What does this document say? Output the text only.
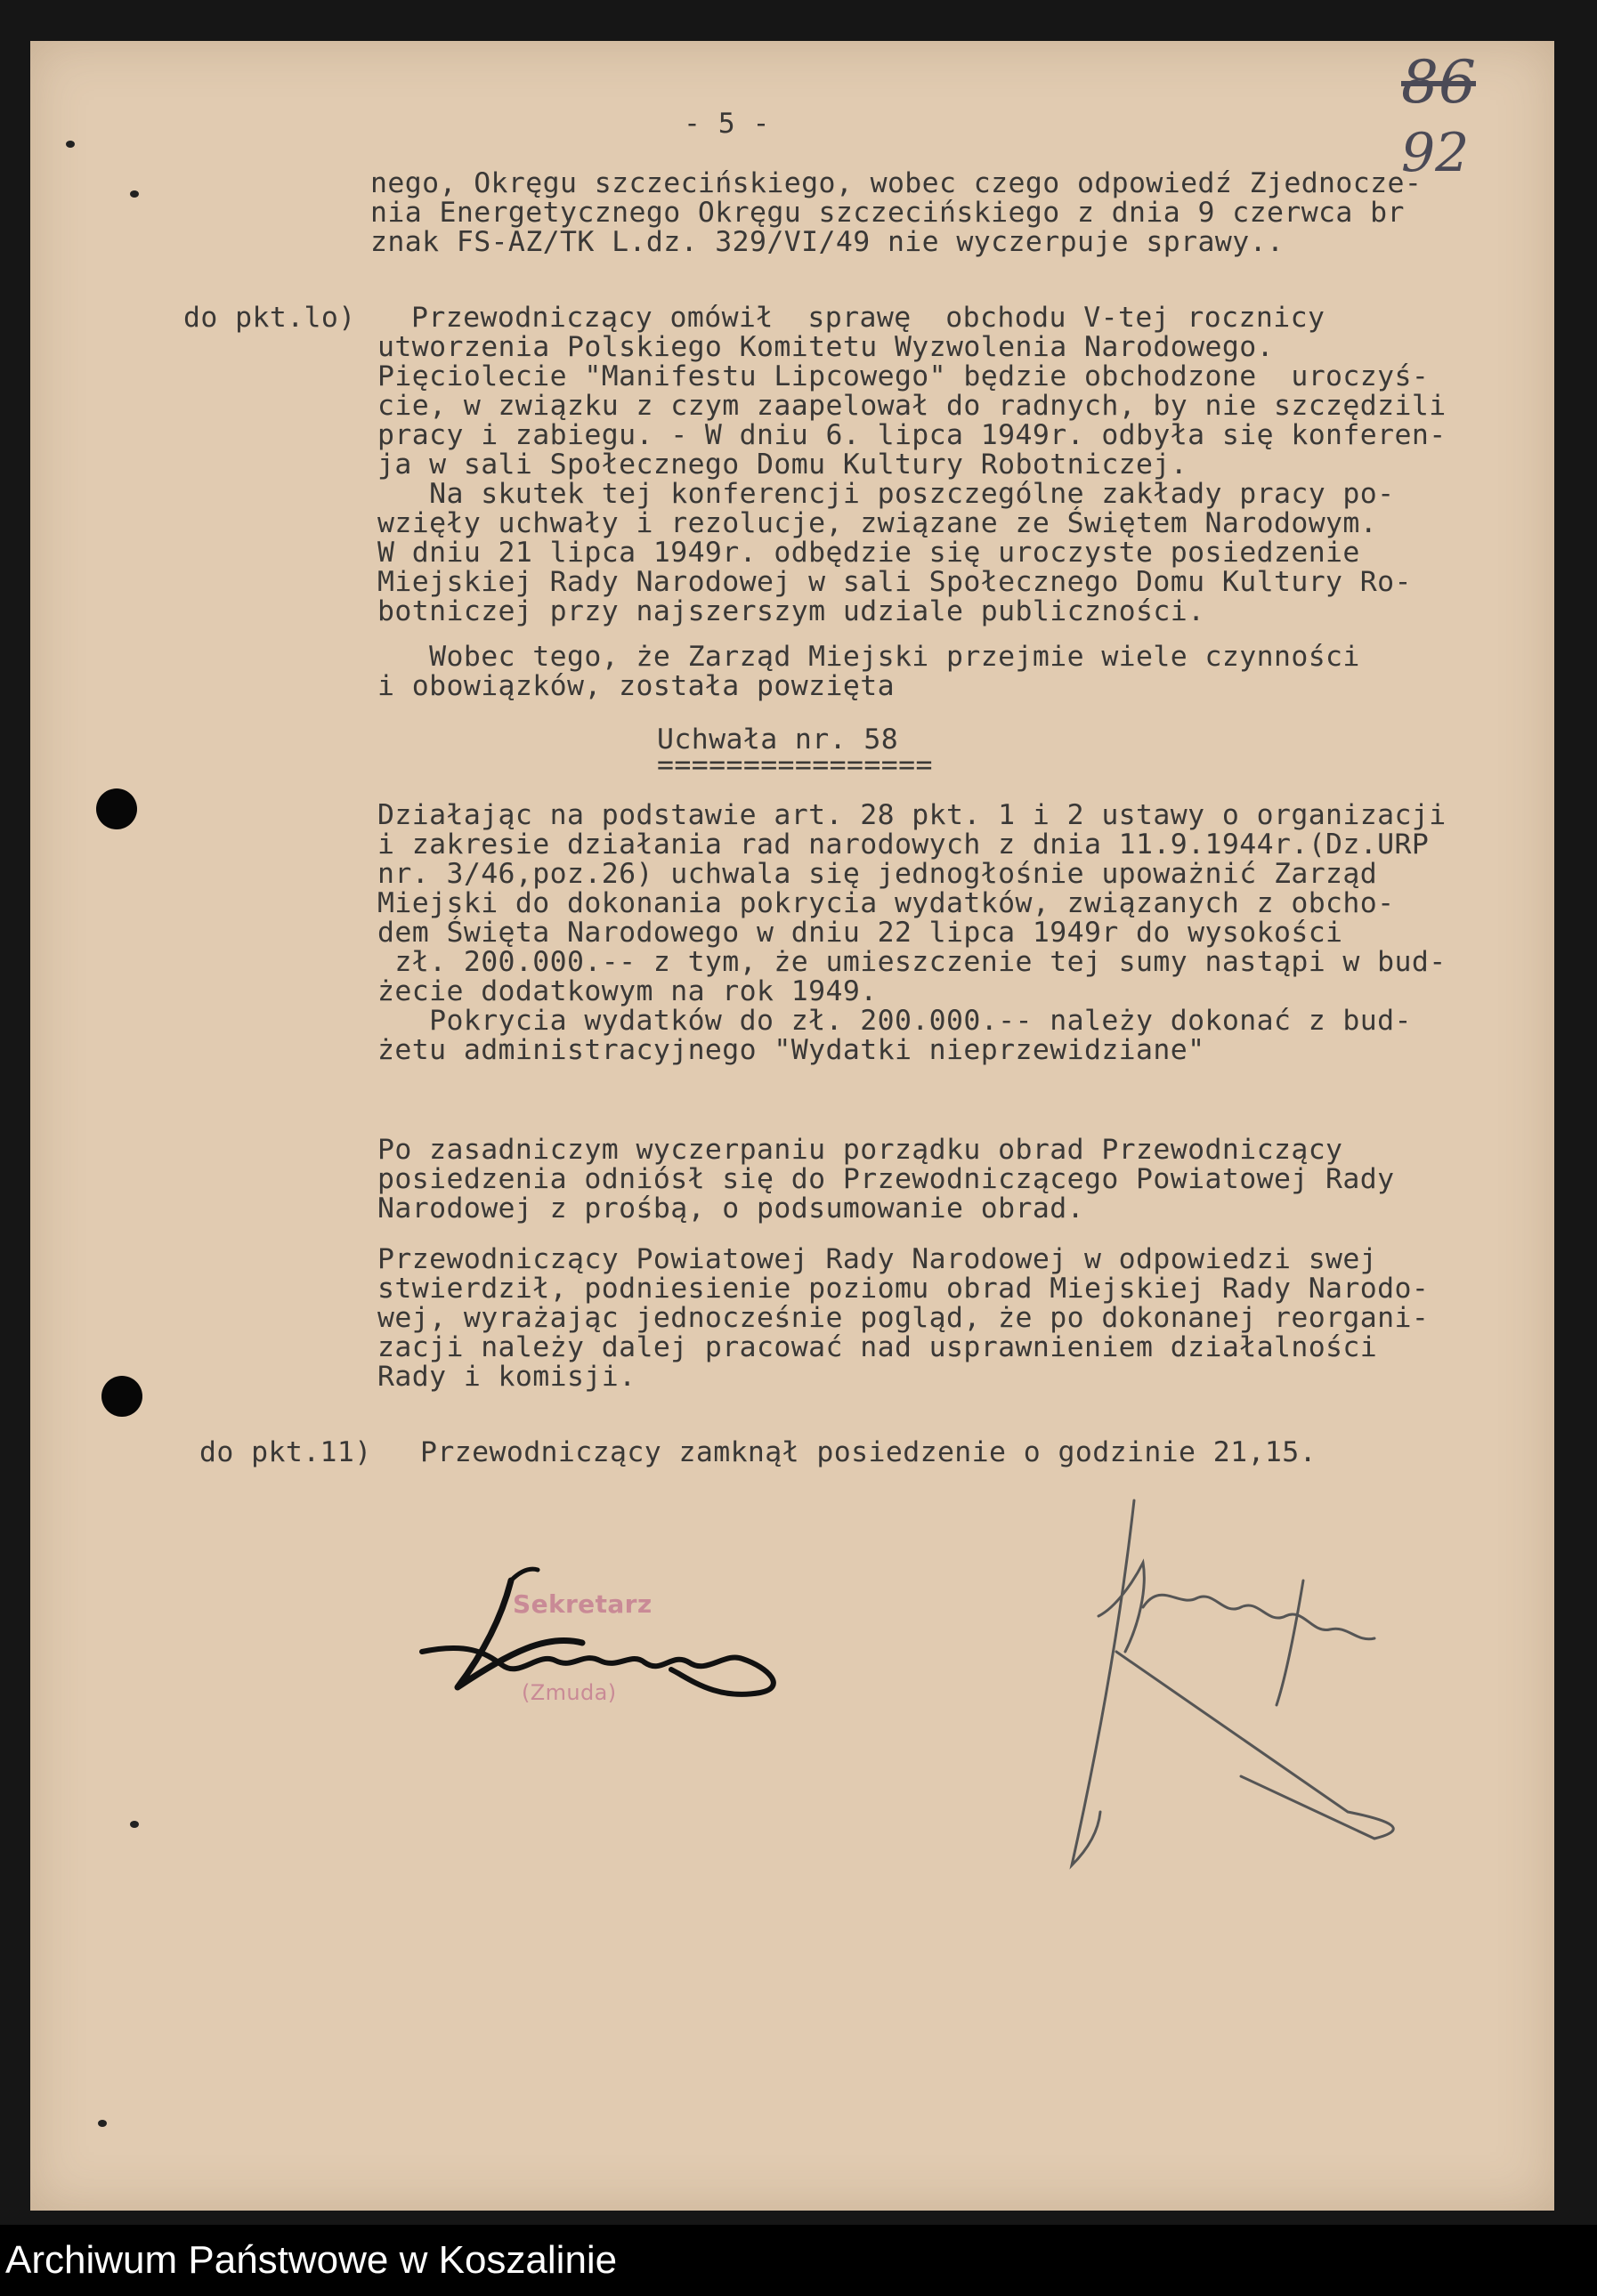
86 92
- 5 -
nego, Okręgu szczecińskiego, wobec czego odpowiedź Zjednocze-
nia Energetycznego Okręgu szczecińskiego z dnia 9 czerwca br
znak FS-AZ/TK L.dz. 329/VI/49 nie wyczerpuje sprawy..
do pkt.lo) Przewodniczący omówił  sprawę  obchodu V-tej rocznicy
utworzenia Polskiego Komitetu Wyzwolenia Narodowego.
Pięciolecie "Manifestu Lipcowego" będzie obchodzone  uroczyś-
cie, w związku z czym zaapelował do radnych, by nie szczędzili
pracy i zabiegu. - W dniu 6. lipca 1949r. odbyła się konferen-
ja w sali Społecznego Domu Kultury Robotniczej.
Na skutek tej konferencji poszczególne zakłady pracy po-
wzięły uchwały i rezolucje, związane ze Świętem Narodowym.
W dniu 21 lipca 1949r. odbędzie się uroczyste posiedzenie
Miejskiej Rady Narodowej w sali Społecznego Domu Kultury Ro-
botniczej przy najszerszym udziale publiczności.
Wobec tego, że Zarząd Miejski przejmie wiele czynności
i obowiązków, została powzięta
Uchwała nr. 58
================
Działając na podstawie art. 28 pkt. 1 i 2 ustawy o organizacji
i zakresie działania rad narodowych z dnia 11.9.1944r.(Dz.URP
nr. 3/46,poz.26) uchwala się jednogłośnie upoważnić Zarząd
Miejski do dokonania pokrycia wydatków, związanych z obcho-
dem Święta Narodowego w dniu 22 lipca 1949r do wysokości
zł. 200.000.-- z tym, że umieszczenie tej sumy nastąpi w bud-
żecie dodatkowym na rok 1949.
Pokrycia wydatków do zł. 200.000.-- należy dokonać z bud-
żetu administracyjnego "Wydatki nieprzewidziane"
Po zasadniczym wyczerpaniu porządku obrad Przewodniczący
posiedzenia odniósł się do Przewodniczącego Powiatowej Rady
Narodowej z prośbą, o podsumowanie obrad.
Przewodniczący Powiatowej Rady Narodowej w odpowiedzi swej
stwierdził, podniesienie poziomu obrad Miejskiej Rady Narodo-
wej, wyrażając jednocześnie pogląd, że po dokonanej reorgani-
zacji należy dalej pracować nad usprawnieniem działalności
Rady i komisji.
do pkt.11) Przewodniczący zamknął posiedzenie o godzinie 21,15.
Sekretarz
(Zmuda)
Archiwum Państwowe w Koszalinie
